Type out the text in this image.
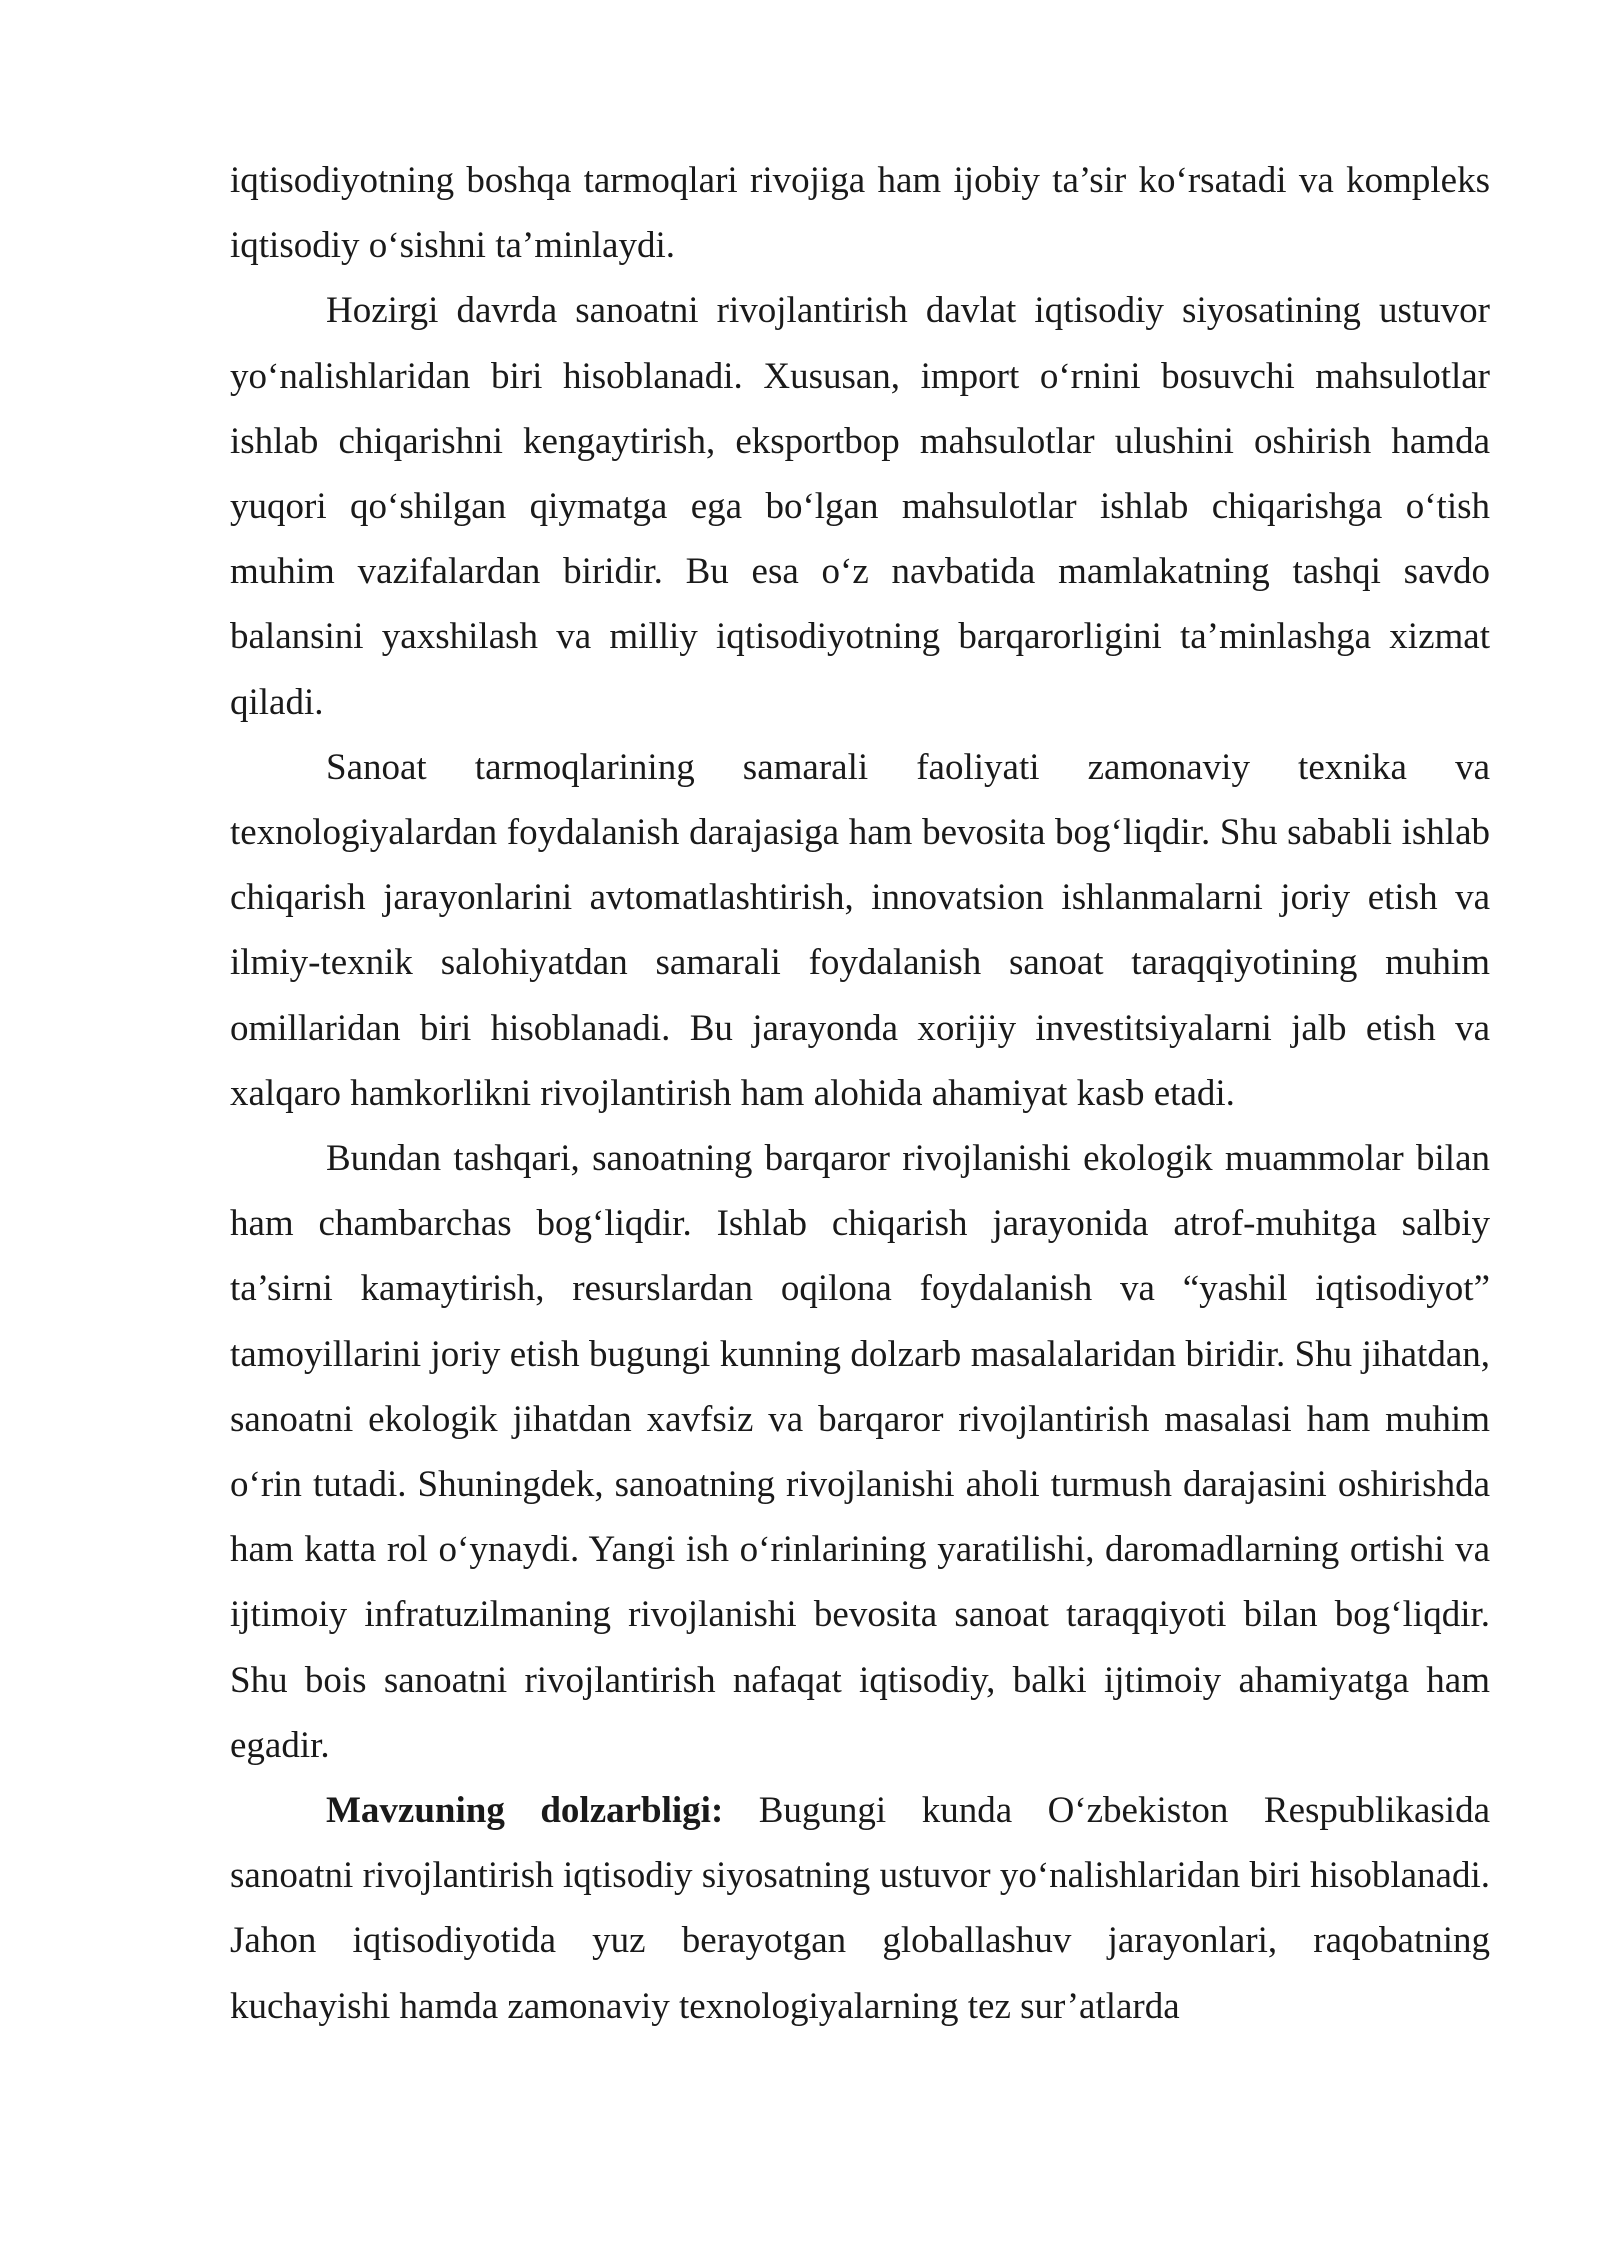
iqtisodiyotning boshqa tarmoqlari rivojiga ham ijobiy ta’sir ko‘rsatadi va kompleks iqtisodiy o‘sishni ta’minlaydi.

Hozirgi davrda sanoatni rivojlantirish davlat iqtisodiy siyosatining ustuvor yo‘nalishlaridan biri hisoblanadi. Xususan, import o‘rnini bosuvchi mahsulotlar ishlab chiqarishni kengaytirish, eksportbop mahsulotlar ulushini oshirish hamda yuqori qo‘shilgan qiymatga ega bo‘lgan mahsulotlar ishlab chiqarishga o‘tish muhim vazifalardan biridir. Bu esa o‘z navbatida mamlakatning tashqi savdo balansini yaxshilash va milliy iqtisodiyotning barqarorligini ta’minlashga xizmat qiladi.

Sanoat tarmoqlarining samarali faoliyati zamonaviy texnika va texnologiyalardan foydalanish darajasiga ham bevosita bog‘liqdir. Shu sababli ishlab chiqarish jarayonlarini avtomatlashtirish, innovatsion ishlanmalarni joriy etish va ilmiy-texnik salohiyatdan samarali foydalanish sanoat taraqqiyotining muhim omillaridan biri hisoblanadi. Bu jarayonda xorijiy investitsiyalarni jalb etish va xalqaro hamkorlikni rivojlantirish ham alohida ahamiyat kasb etadi.

Bundan tashqari, sanoatning barqaror rivojlanishi ekologik muammolar bilan ham chambarchas bog‘liqdir. Ishlab chiqarish jarayonida atrof-muhitga salbiy ta’sirni kamaytirish, resurslardan oqilona foydalanish va “yashil iqtisodiyot” tamoyillarini joriy etish bugungi kunning dolzarb masalalaridan biridir. Shu jihatdan, sanoatni ekologik jihatdan xavfsiz va barqaror rivojlantirish masalasi ham muhim o‘rin tutadi. Shuningdek, sanoatning rivojlanishi aholi turmush darajasini oshirishda ham katta rol o‘ynaydi. Yangi ish o‘rinlarining yaratilishi, daromadlarning ortishi va ijtimoiy infratuzilmaning rivojlanishi bevosita sanoat taraqqiyoti bilan bog‘liqdir. Shu bois sanoatni rivojlantirish nafaqat iqtisodiy, balki ijtimoiy ahamiyatga ham egadir.

Mavzuning dolzarbligi: Bugungi kunda O‘zbekiston Respublikasida sanoatni rivojlantirish iqtisodiy siyosatning ustuvor yo‘nalishlaridan biri hisoblanadi. Jahon iqtisodiyotida yuz berayotgan globallashuv jarayonlari, raqobatning kuchayishi hamda zamonaviy texnologiyalarning tez sur’atlarda
